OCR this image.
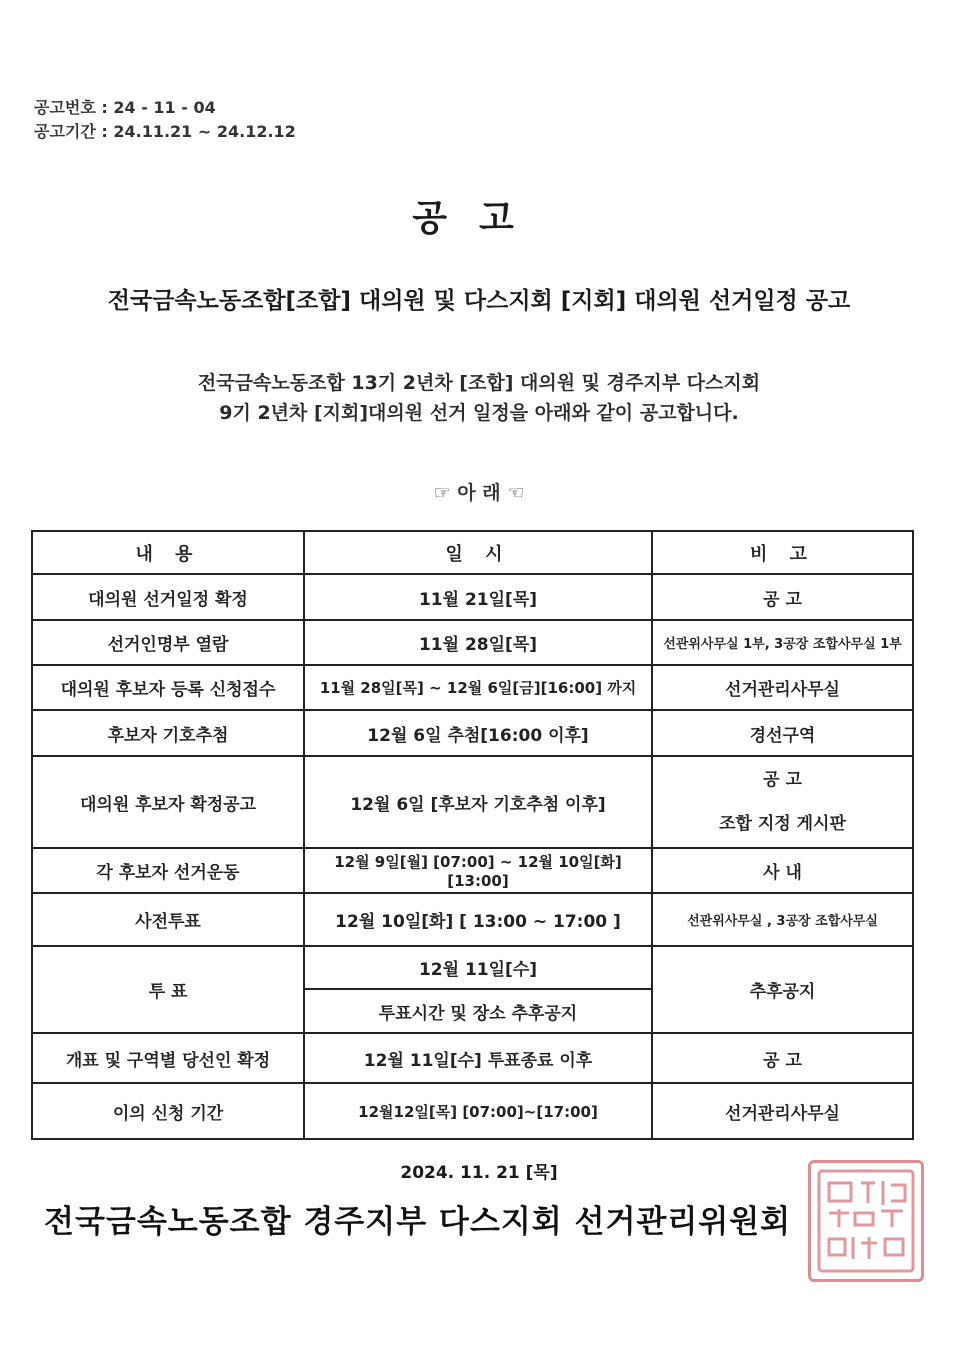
공고번호 : 24 - 11 - 04
공고기간 : 24.11.21 ~ 24.12.12
공고
전국금속노동조합[조합] 대의원 및 다스지회 [지회] 대의원 선거일정 공고
전국금속노동조합 13기 2년차 [조합] 대의원 및 경주지부 다스지회
9기 2년차 [지회]대의원 선거 일정을 아래와 같이 공고합니다.
☞ 아 래 ☜
내 용	일 시	비 고
대의원 선거일정 확정	11월 21일[목]	공 고
선거인명부 열람	11월 28일[목]	선관위사무실 1부, 3공장 조합사무실 1부
대의원 후보자 등록 신청접수	11월 28일[목] ~ 12월 6일[금][16:00] 까지	선거관리사무실
후보자 기호추첨	12월 6일 추첨[16:00 이후]	경선구역
대의원 후보자 확정공고	12월 6일 [후보자 기호추첨 이후]	공 고
조합 지정 게시판

각 후보자 선거운동	12월 9일[월] [07:00] ~ 12월 10일[화] [13:00]	사 내
사전투표	12월 10일[화] [ 13:00 ~ 17:00 ]	선관위사무실 , 3공장 조합사무실
투 표	12월 11일[수]	추후공지
	투표시간 및 장소 추후공지	
개표 및 구역별 당선인 확정	12월 11일[수] 투표종료 이후	공 고
이의 신청 기간	12월12일[목] [07:00]~[17:00]	선거관리사무실
2024. 11. 21 [목]
전국금속노동조합 경주지부 다스지회 선거관리위원회
